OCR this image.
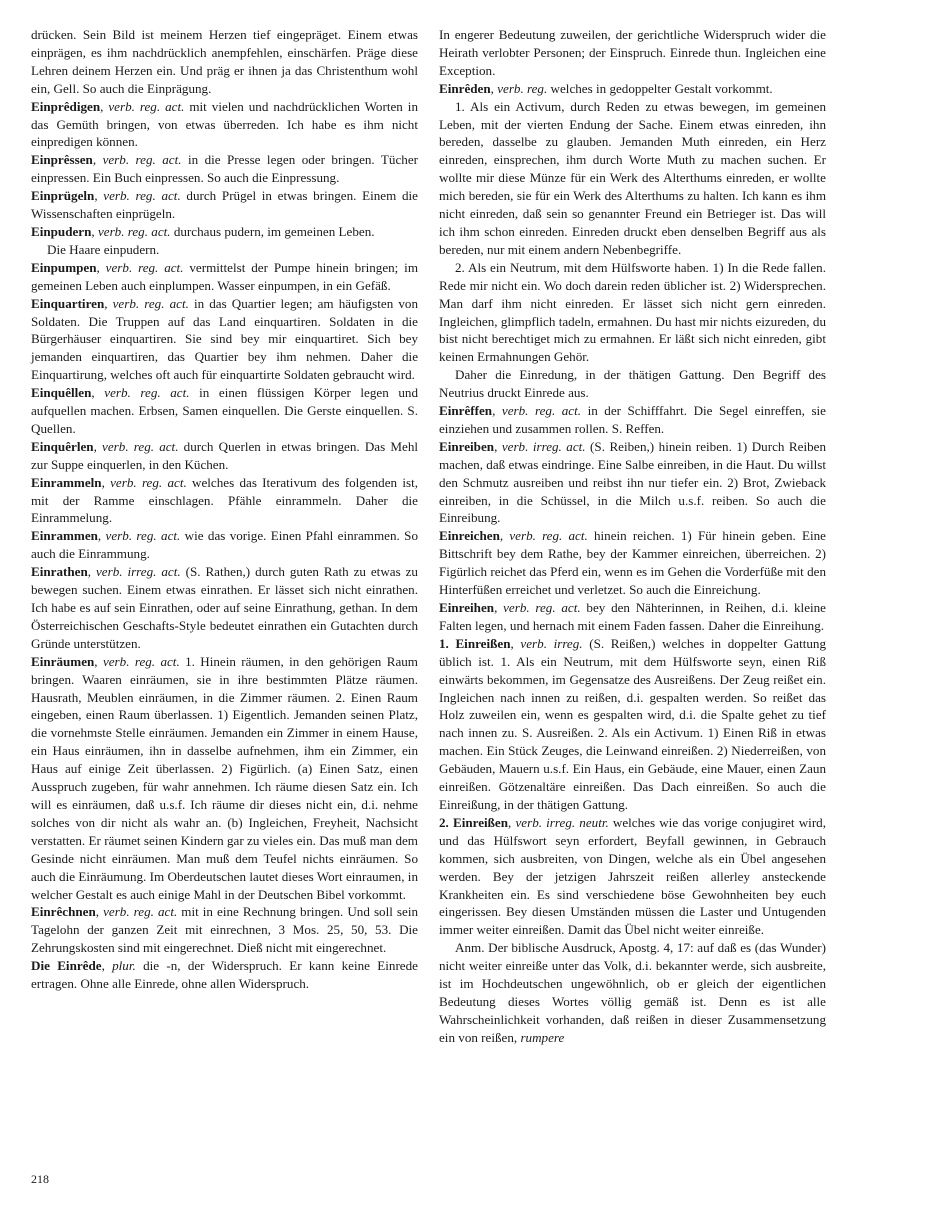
drücken. Sein Bild ist meinem Herzen tief eingepräget. Einem etwas einprägen, es ihm nachdrücklich anempfehlen, einschärfen. Präge diese Lehren deinem Herzen ein. Und präg er ihnen ja das Christenthum wohl ein, Gell. So auch die Einprägung.

Einprêdigen, verb. reg. act. mit vielen und nachdrücklichen Worten in das Gemüth bringen, von etwas überreden. Ich habe es ihm nicht einpredigen können.

Einprêssen, verb. reg. act. in die Presse legen oder bringen. Tücher einpressen. Ein Buch einpressen. So auch die Einpressung.

Einprügeln, verb. reg. act. durch Prügel in etwas bringen. Einem die Wissenschaften einprügeln.

Einpudern, verb. reg. act. durchaus pudern, im gemeinen Leben.

Die Haare einpudern.

Einpumpen, verb. reg. act. vermittelst der Pumpe hinein bringen; im gemeinen Leben auch einplumpen. Wasser einpumpen, in ein Gefäß.

Einquartiren, verb. reg. act. in das Quartier legen; am häufigsten von Soldaten. Die Truppen auf das Land einquartiren. Soldaten in die Bürgerhäuser einquartiren. Sie sind bey mir einquartiret. Sich bey jemanden einquartiren, das Quartier bey ihm nehmen. Daher die Einquartirung, welches oft auch für einquartirte Soldaten gebraucht wird.

Einquêllen, verb. reg. act. in einen flüssigen Körper legen und aufquellen machen. Erbsen, Samen einquellen. Die Gerste einquellen. S. Quellen.

Einquêrlen, verb. reg. act. durch Querlen in etwas bringen. Das Mehl zur Suppe einquerlen, in den Küchen.

Einrammeln, verb. reg. act. welches das Iterativum des folgenden ist, mit der Ramme einschlagen. Pfähle einrammeln. Daher die Einrammelung.

Einrammen, verb. reg. act. wie das vorige. Einen Pfahl einrammen. So auch die Einrammung.

Einrathen, verb. irreg. act. (S. Rathen,) durch guten Rath zu etwas zu bewegen suchen. Einem etwas einrathen. Er lässet sich nicht einrathen. Ich habe es auf sein Einrathen, oder auf seine Einrathung, gethan. In dem Österreichischen Geschafts-Style bedeutet einrathen ein Gutachten durch Gründe unterstützen.

Einräumen, verb. reg. act. 1. Hinein räumen, in den gehörigen Raum bringen. Waaren einräumen, sie in ihre bestimmten Plätze räumen. Hausrath, Meublen einräumen, in die Zimmer räumen. 2. Einen Raum eingeben, einen Raum überlassen. 1) Eigentlich. Jemanden seinen Platz, die vornehmste Stelle einräumen. Jemanden ein Zimmer in einem Hause, ein Haus einräumen, ihn in dasselbe aufnehmen, ihm ein Zimmer, ein Haus auf einige Zeit überlassen. 2) Figürlich. (a) Einen Satz, einen Ausspruch zugeben, für wahr annehmen. Ich räume diesen Satz ein. Ich will es einräumen, daß u.s.f. Ich räume dir dieses nicht ein, d.i. nehme solches von dir nicht als wahr an. (b) Ingleichen, Freyheit, Nachsicht verstatten. Er räumet seinen Kindern gar zu vieles ein. Das muß man dem Gesinde nicht einräumen. Man muß dem Teufel nichts einräumen. So auch die Einräumung. Im Oberdeutschen lautet dieses Wort einraumen, in welcher Gestalt es auch einige Mahl in der Deutschen Bibel vorkommt.

Einrêchnen, verb. reg. act. mit in eine Rechnung bringen. Und soll sein Tagelohn der ganzen Zeit mit einrechnen, 3 Mos. 25, 50, 53. Die Zehrungskosten sind mit eingerechnet. Dieß nicht mit eingerechnet.

Die Einrêde, plur. die -n, der Widerspruch. Er kann keine Einrede ertragen. Ohne alle Einrede, ohne allen Widerspruch.

In engerer Bedeutung zuweilen, der gerichtliche Widerspruch wider die Heirath verlobter Personen; der Einspruch. Einrede thun. Ingleichen eine Exception.

Einrêden, verb. reg. welches in gedoppelter Gestalt vorkommt.

1. Als ein Activum, durch Reden zu etwas bewegen, im gemeinen Leben, mit der vierten Endung der Sache. Einem etwas einreden, ihn bereden, dasselbe zu glauben. Jemanden Muth einreden, ein Herz einreden, einsprechen, ihm durch Worte Muth zu machen suchen. Er wollte mir diese Münze für ein Werk des Alterthums einreden, er wollte mich bereden, sie für ein Werk des Alterthums zu halten. Ich kann es ihm nicht einreden, daß sein so genannter Freund ein Betrieger ist. Das will ich ihm schon einreden. Einreden druckt eben denselben Begriff aus als bereden, nur mit einem andern Nebenbegriffe.

2. Als ein Neutrum, mit dem Hülfsworte haben. 1) In die Rede fallen. Rede mir nicht ein. Wo doch darein reden üblicher ist. 2) Widersprechen. Man darf ihm nicht einreden. Er lässet sich nicht gern einreden. Ingleichen, glimpflich tadeln, ermahnen. Du hast mir nichts eizureden, du bist nicht berechtiget mich zu ermahnen. Er läßt sich nicht einreden, gibt keinen Ermahnungen Gehör.

Daher die Einredung, in der thätigen Gattung. Den Begriff des Neutrius druckt Einrede aus.

Einrêffen, verb. reg. act. in der Schifffahrt. Die Segel einreffen, sie einziehen und zusammen rollen. S. Reffen.

Einreiben, verb. irreg. act. (S. Reiben,) hinein reiben. 1) Durch Reiben machen, daß etwas eindringe. Eine Salbe einreiben, in die Haut. Du willst den Schmutz ausreiben und reibst ihn nur tiefer ein. 2) Brot, Zwieback einreiben, in die Schüssel, in die Milch u.s.f. reiben. So auch die Einreibung.

Einreichen, verb. reg. act. hinein reichen. 1) Für hinein geben. Eine Bittschrift bey dem Rathe, bey der Kammer einreichen, überreichen. 2) Figürlich reichet das Pferd ein, wenn es im Gehen die Vorderfüße mit den Hinterfüßen erreichet und verletzet. So auch die Einreichung.

Einreihen, verb. reg. act. bey den Nähterinnen, in Reihen, d.i. kleine Falten legen, und hernach mit einem Faden fassen. Daher die Einreihung.

1. Einreißen, verb. irreg. (S. Reißen,) welches in doppelter Gattung üblich ist. 1. Als ein Neutrum, mit dem Hülfsworte seyn, einen Riß einwärts bekommen, im Gegensatze des Ausreißens. Der Zeug reißet ein. Ingleichen nach innen zu reißen, d.i. gespalten werden. So reißet das Holz zuweilen ein, wenn es gespalten wird, d.i. die Spalte gehet zu tief nach innen zu. S. Ausreißen. 2. Als ein Activum. 1) Einen Riß in etwas machen. Ein Stück Zeuges, die Leinwand einreißen. 2) Niederreißen, von Gebäuden, Mauern u.s.f. Ein Haus, ein Gebäude, eine Mauer, einen Zaun einreißen. Götzenaltäre einreißen. Das Dach einreißen. So auch die Einreißung, in der thätigen Gattung.

2. Einreißen, verb. irreg. neutr. welches wie das vorige conjugiret wird, und das Hülfswort seyn erfordert, Beyfall gewinnen, in Gebrauch kommen, sich ausbreiten, von Dingen, welche als ein Übel angesehen werden. Bey der jetzigen Jahrszeit reißen allerley ansteckende Krankheiten ein. Es sind verschiedene böse Gewohnheiten bey euch eingerissen. Bey diesen Umständen müssen die Laster und Untugenden immer weiter einreißen. Damit das Übel nicht weiter einreiße.

Anm. Der biblische Ausdruck, Apostg. 4, 17: auf daß es (das Wunder) nicht weiter einreiße unter das Volk, d.i. bekannter werde, sich ausbreite, ist im Hochdeutschen ungewöhnlich, ob er gleich der eigentlichen Bedeutung dieses Wortes völlig gemäß ist. Denn es ist alle Wahrscheinlichkeit vorhanden, daß reißen in dieser Zusammensetzung ein von reißen, rumpere

218
